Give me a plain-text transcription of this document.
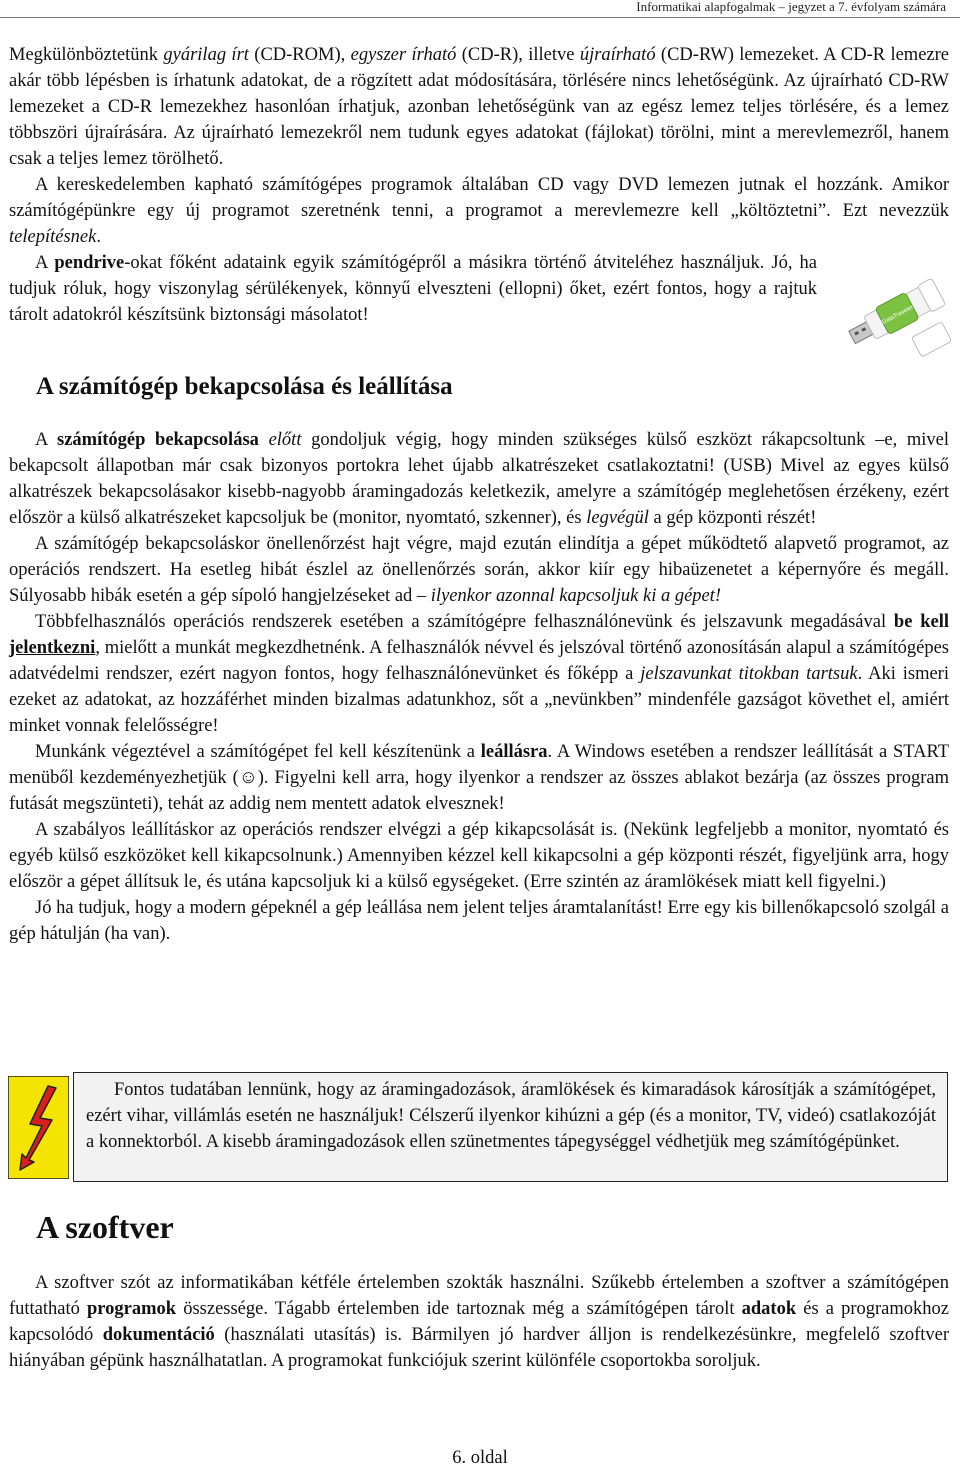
Informatikai alapfogalmak – jegyzet a 7. évfolyam számára

Megkülönböztetünk gyárilag írt (CD-ROM), egyszer írható (CD-R), illetve újraírható (CD-RW) lemezeket. A CD-R lemezre akár több lépésben is írhatunk adatokat, de a rögzített adat módosítására, törlésére nincs lehetőségünk. Az újraírható CD-RW lemezeket a CD-R lemezekhez hasonlóan írhatjuk, azonban lehetőségünk van az egész lemez teljes törlésére, és a lemez többszöri újraírására. Az újraírható lemezekről nem tudunk egyes adatokat (fájlokat) törölni, mint a merevlemezről, hanem csak a teljes lemez törölhető.

A kereskedelemben kapható számítógépes programok általában CD vagy DVD lemezen jutnak el hozzánk. Amikor számítógépünkre egy új programot szeretnénk tenni, a programot a merevlemezre kell „költöztetni”. Ezt nevezzük telepítésnek.

A pendrive-okat főként adataink egyik számítógépről a másikra történő átviteléhez használjuk. Jó, ha tudjuk róluk, hogy viszonylag sérülékenyek, könnyű elveszteni (ellopni) őket, ezért fontos, hogy a rajtuk tárolt adatokról készítsünk biztonsági másolatot!	DataTraveler
A számítógép bekapcsolása és leállítása

A számítógép bekapcsolása előtt gondoljuk végig, hogy minden szükséges külső eszközt rákapcsoltunk –e, mivel bekapcsolt állapotban már csak bizonyos portokra lehet újabb alkatrészeket csatlakoztatni! (USB) Mivel az egyes külső alkatrészek bekapcsolásakor kisebb-nagyobb áramingadozás keletkezik, amelyre a számítógép meglehetősen érzékeny, ezért először a külső alkatrészeket kapcsoljuk be (monitor, nyomtató, szkenner), és legvégül a gép központi részét!

A számítógép bekapcsoláskor önellenőrzést hajt végre, majd ezután elindítja a gépet működtető alapvető programot, az operációs rendszert. Ha esetleg hibát észlel az önellenőrzés során, akkor kiír egy hibaüzenetet a képernyőre és megáll. Súlyosabb hibák esetén a gép sípoló hangjelzéseket ad – ilyenkor azonnal kapcsoljuk ki a gépet!

Többfelhasználós operációs rendszerek esetében a számítógépre felhasználónevünk és jelszavunk megadásával be kell jelentkezni, mielőtt a munkát megkezdhetnénk. A felhasználók névvel és jelszóval történő azonosításán alapul a számítógépes adatvédelmi rendszer, ezért nagyon fontos, hogy felhasználónevünket és főképp a jelszavunkat titokban tartsuk. Aki ismeri ezeket az adatokat, az hozzáférhet minden bizalmas adatunkhoz, sőt a „nevünkben” mindenféle gazságot követhet el, amiért minket vonnak felelősségre!

Munkánk végeztével a számítógépet fel kell készítenünk a leállásra. A Windows esetében a rendszer leállítását a START menüből kezdeményezhetjük (☺). Figyelni kell arra, hogy ilyenkor a rendszer az összes ablakot bezárja (az összes program futását megszünteti), tehát az addig nem mentett adatok elvesznek!

A szabályos leállításkor az operációs rendszer elvégzi a gép kikapcsolását is. (Nekünk legfeljebb a monitor, nyomtató és egyéb külső eszközöket kell kikapcsolnunk.) Amennyiben kézzel kell kikapcsolni a gép központi részét, figyeljünk arra, hogy először a gépet állítsuk le, és utána kapcsoljuk ki a külső egységeket. (Erre szintén az áramlökések miatt kell figyelni.)

Jó ha tudjuk, hogy a modern gépeknél a gép leállása nem jelent teljes áramtalanítást! Erre egy kis billenőkapcsoló szolgál a gép hátulján (ha van).

Fontos tudatában lennünk, hogy az áramingadozások, áramlökések és kimaradások károsítják a számítógépet, ezért vihar, villámlás esetén ne használjuk! Célszerű ilyenkor kihúzni a gép (és a monitor, TV, videó) csatlakozóját a konnektorból. A kisebb áramingadozások ellen szünetmentes tápegységgel védhetjük meg számítógépünket.

A szoftver

A szoftver szót az informatikában kétféle értelemben szokták használni. Szűkebb értelemben a szoftver a számítógépen futtatható programok összessége. Tágabb értelemben ide tartoznak még a számítógépen tárolt adatok és a programokhoz kapcsolódó dokumentáció (használati utasítás) is. Bármilyen jó hardver álljon is rendelkezésünkre, megfelelő szoftver hiányában gépünk használhatatlan. A programokat funkciójuk szerint különféle csoportokba soroljuk.

6. oldal
